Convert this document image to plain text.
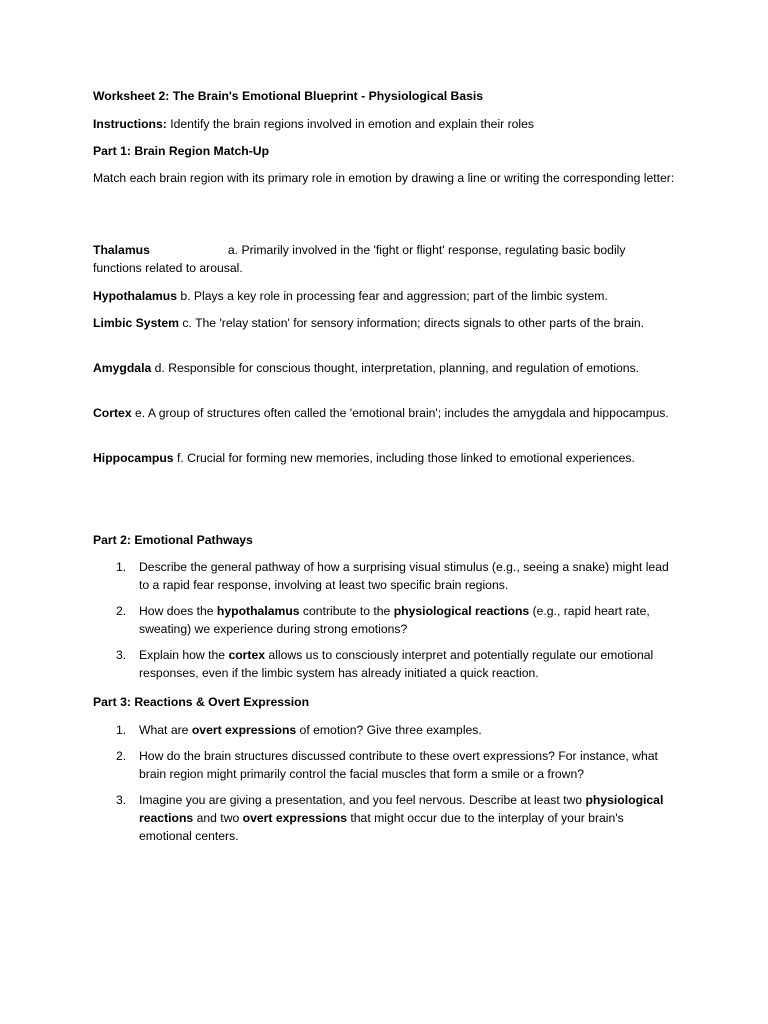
Worksheet 2: The Brain's Emotional Blueprint - Physiological Basis

Instructions: Identify the brain regions involved in emotion and explain their roles

Part 1: Brain Region Match-Up

Match each brain region with its primary role in emotion by drawing a line or writing the corresponding letter:

Thalamus	a. Primarily involved in the 'fight or flight' response, regulating basic bodily functions related to arousal.

Hypothalamus b. Plays a key role in processing fear and aggression; part of the limbic system.

Limbic System c. The 'relay station' for sensory information; directs signals to other parts of the brain.

Amygdala d. Responsible for conscious thought, interpretation, planning, and regulation of emotions.

Cortex e. A group of structures often called the 'emotional brain'; includes the amygdala and hippocampus.

Hippocampus f. Crucial for forming new memories, including those linked to emotional experiences.

Part 2: Emotional Pathways

1. Describe the general pathway of how a surprising visual stimulus (e.g., seeing a snake) might lead to a rapid fear response, involving at least two specific brain regions.
2. How does the hypothalamus contribute to the physiological reactions (e.g., rapid heart rate, sweating) we experience during strong emotions?
3. Explain how the cortex allows us to consciously interpret and potentially regulate our emotional responses, even if the limbic system has already initiated a quick reaction.

Part 3: Reactions & Overt Expression

1. What are overt expressions of emotion? Give three examples.
2. How do the brain structures discussed contribute to these overt expressions? For instance, what brain region might primarily control the facial muscles that form a smile or a frown?
3. Imagine you are giving a presentation, and you feel nervous. Describe at least two physiological reactions and two overt expressions that might occur due to the interplay of your brain's emotional centers.
